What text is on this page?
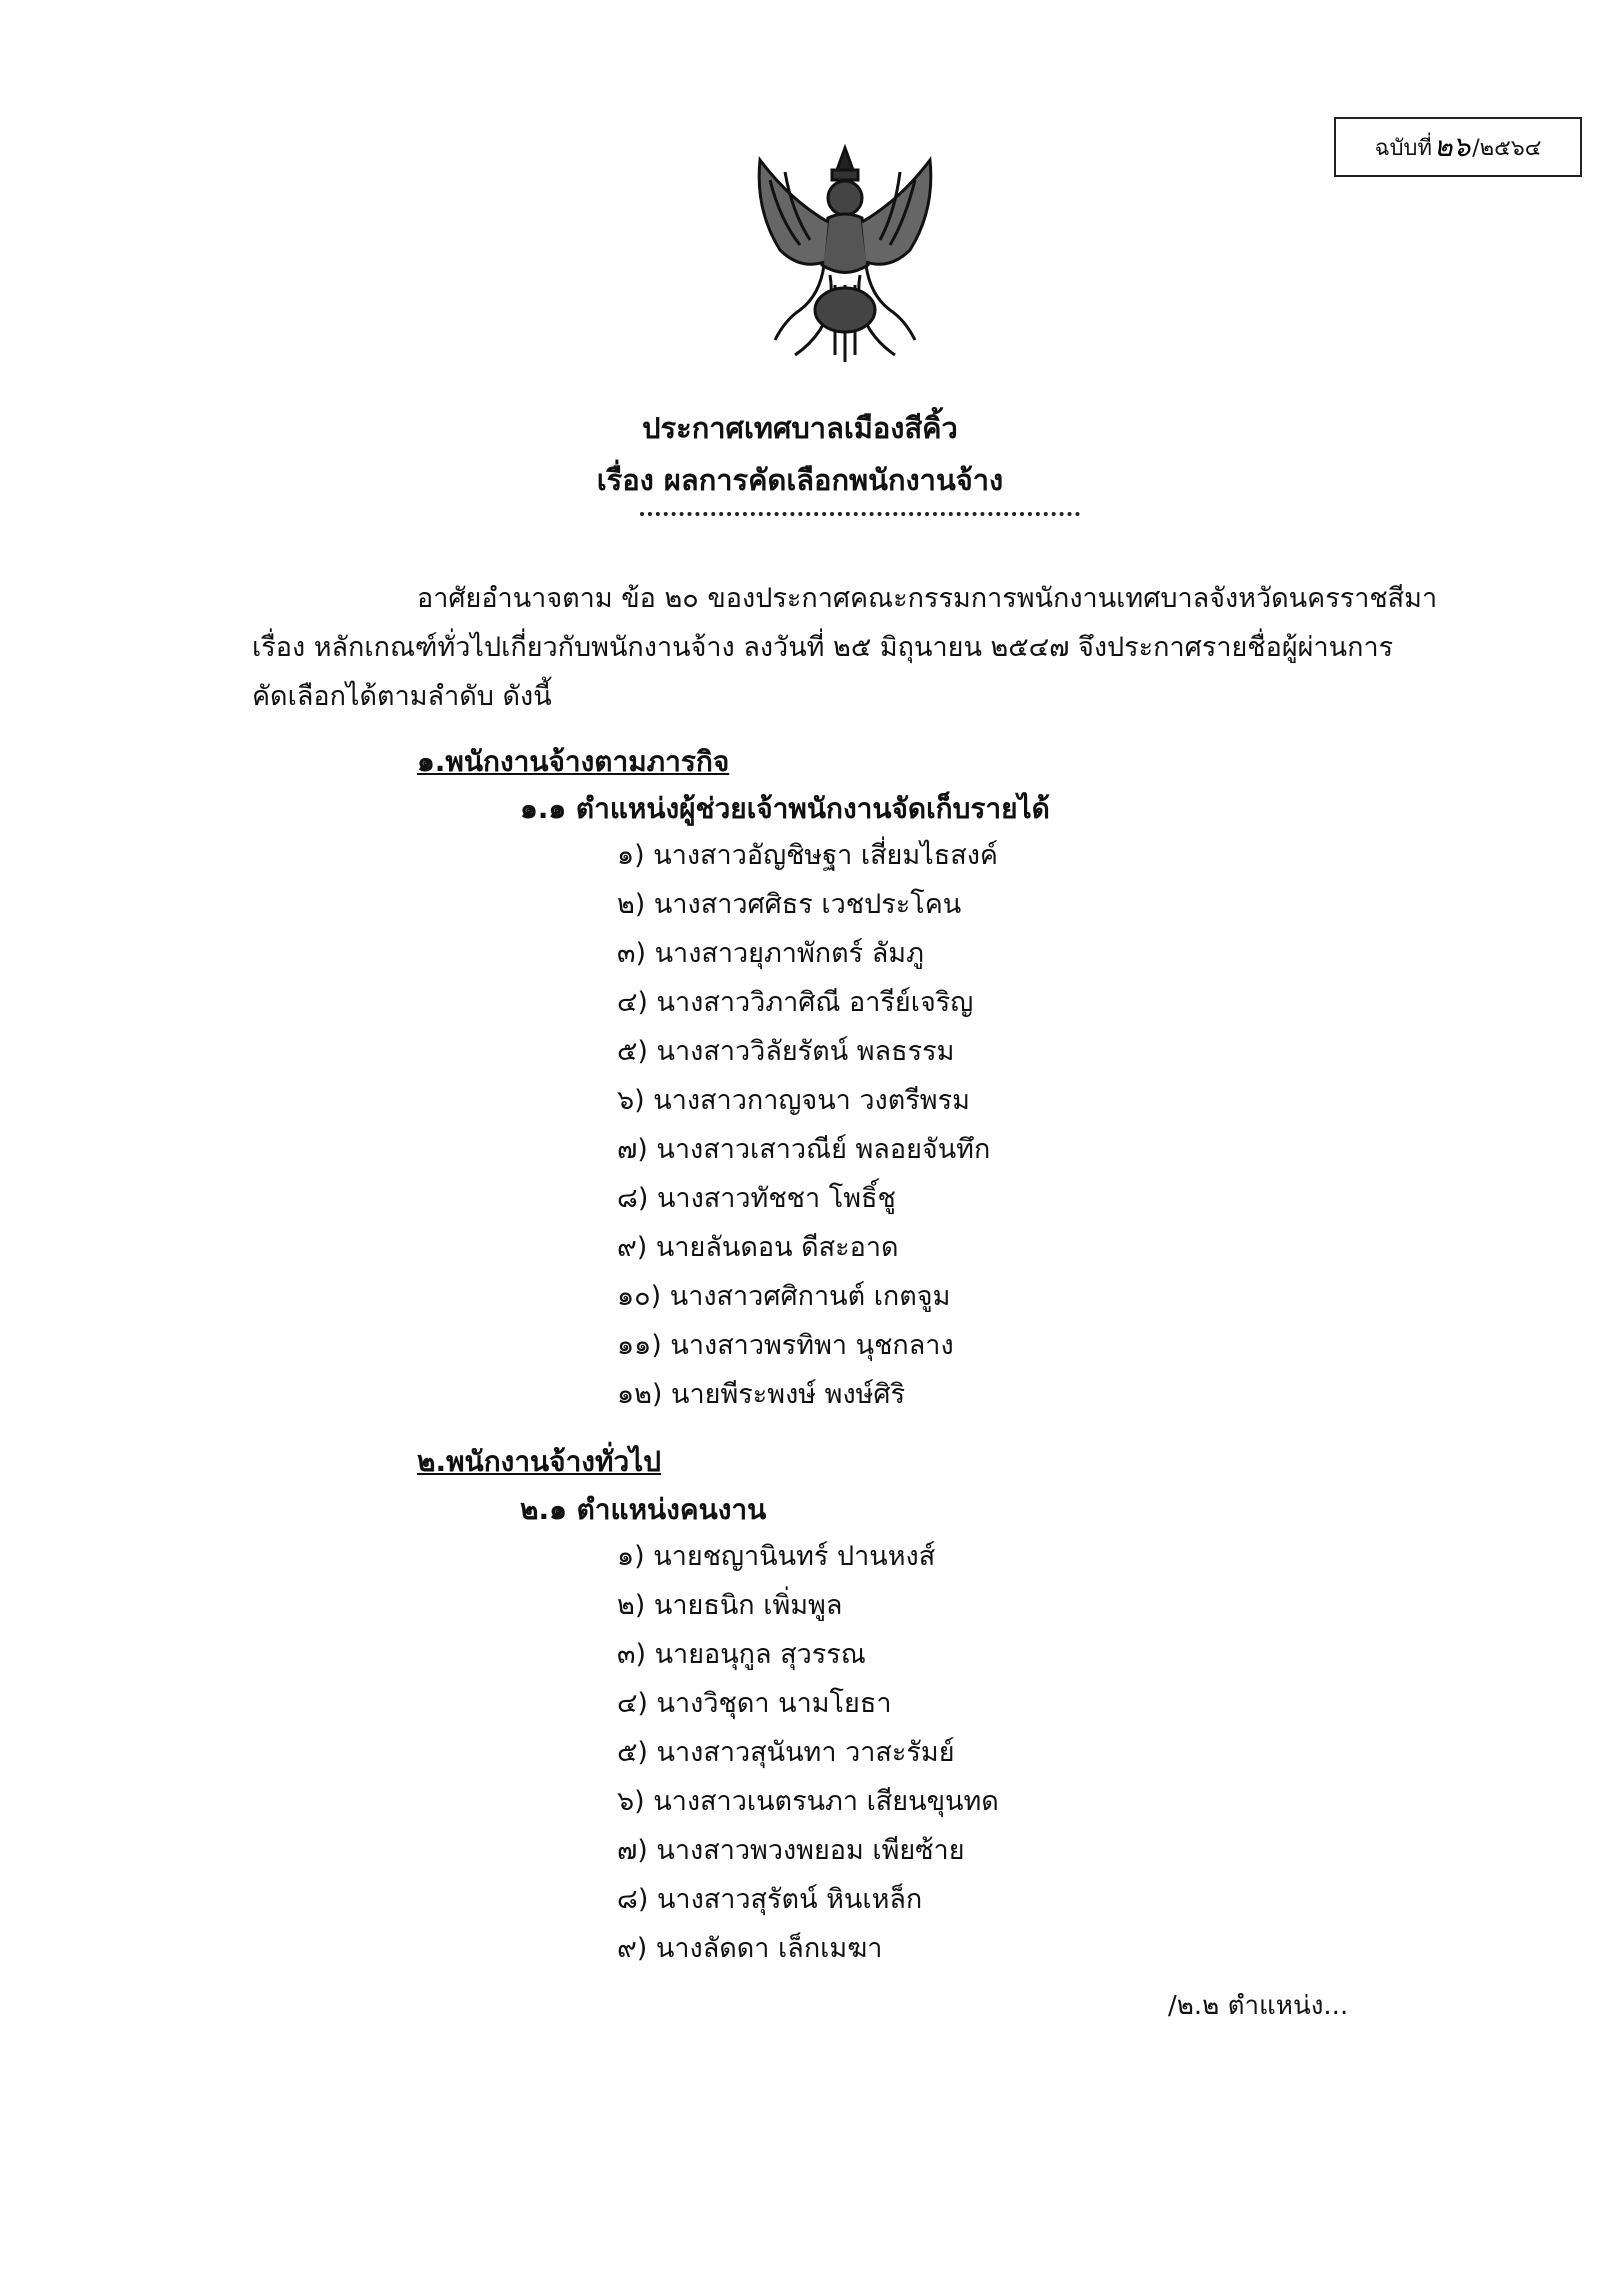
ฉบับที่ ๒๖ /๒๕๖๔
ประกาศเทศบาลเมืองสีคิ้ว
เรื่อง ผลการคัดเลือกพนักงานจ้าง
อาศัยอำนาจตาม ข้อ ๒๐ ของประกาศคณะกรรมการพนักงานเทศบาลจังหวัดนครราชสีมา
เรื่อง หลักเกณฑ์ทั่วไปเกี่ยวกับพนักงานจ้าง ลงวันที่ ๒๕ มิถุนายน ๒๕๔๗ จึงประกาศรายชื่อผู้ผ่านการ
คัดเลือกได้ตามลำดับ ดังนี้
๑.พนักงานจ้างตามภารกิจ
๑.๑ ตำแหน่งผู้ช่วยเจ้าพนักงานจัดเก็บรายได้
๑) นางสาวอัญชิษฐา เสี่ยมไธสงค์
๒) นางสาวศศิธร เวชประโคน
๓) นางสาวยุภาพักตร์ ลัมภู
๔) นางสาววิภาศิณี อารีย์เจริญ
๕) นางสาววิลัยรัตน์ พลธรรม
๖) นางสาวกาญจนา วงตรีพรม
๗) นางสาวเสาวณีย์ พลอยจันทึก
๘) นางสาวทัชชา โพธิ์ชู
๙) นายลันดอน ดีสะอาด
๑๐) นางสาวศศิกานต์ เกตจูม
๑๑) นางสาวพรทิพา นุชกลาง
๑๒) นายพีระพงษ์ พงษ์ศิริ
๒.พนักงานจ้างทั่วไป
๒.๑ ตำแหน่งคนงาน
๑) นายชญานินทร์ ปานหงส์
๒) นายธนิก เพิ่มพูล
๓) นายอนุกูล สุวรรณ
๔) นางวิชุดา นามโยธา
๕) นางสาวสุนันทา วาสะรัมย์
๖) นางสาวเนตรนภา เสียนขุนทด
๗) นางสาวพวงพยอม เพียซ้าย
๘) นางสาวสุรัตน์ หินเหล็ก
๙) นางลัดดา เล็กเมฆา
/๒.๒ ตำแหน่ง...
